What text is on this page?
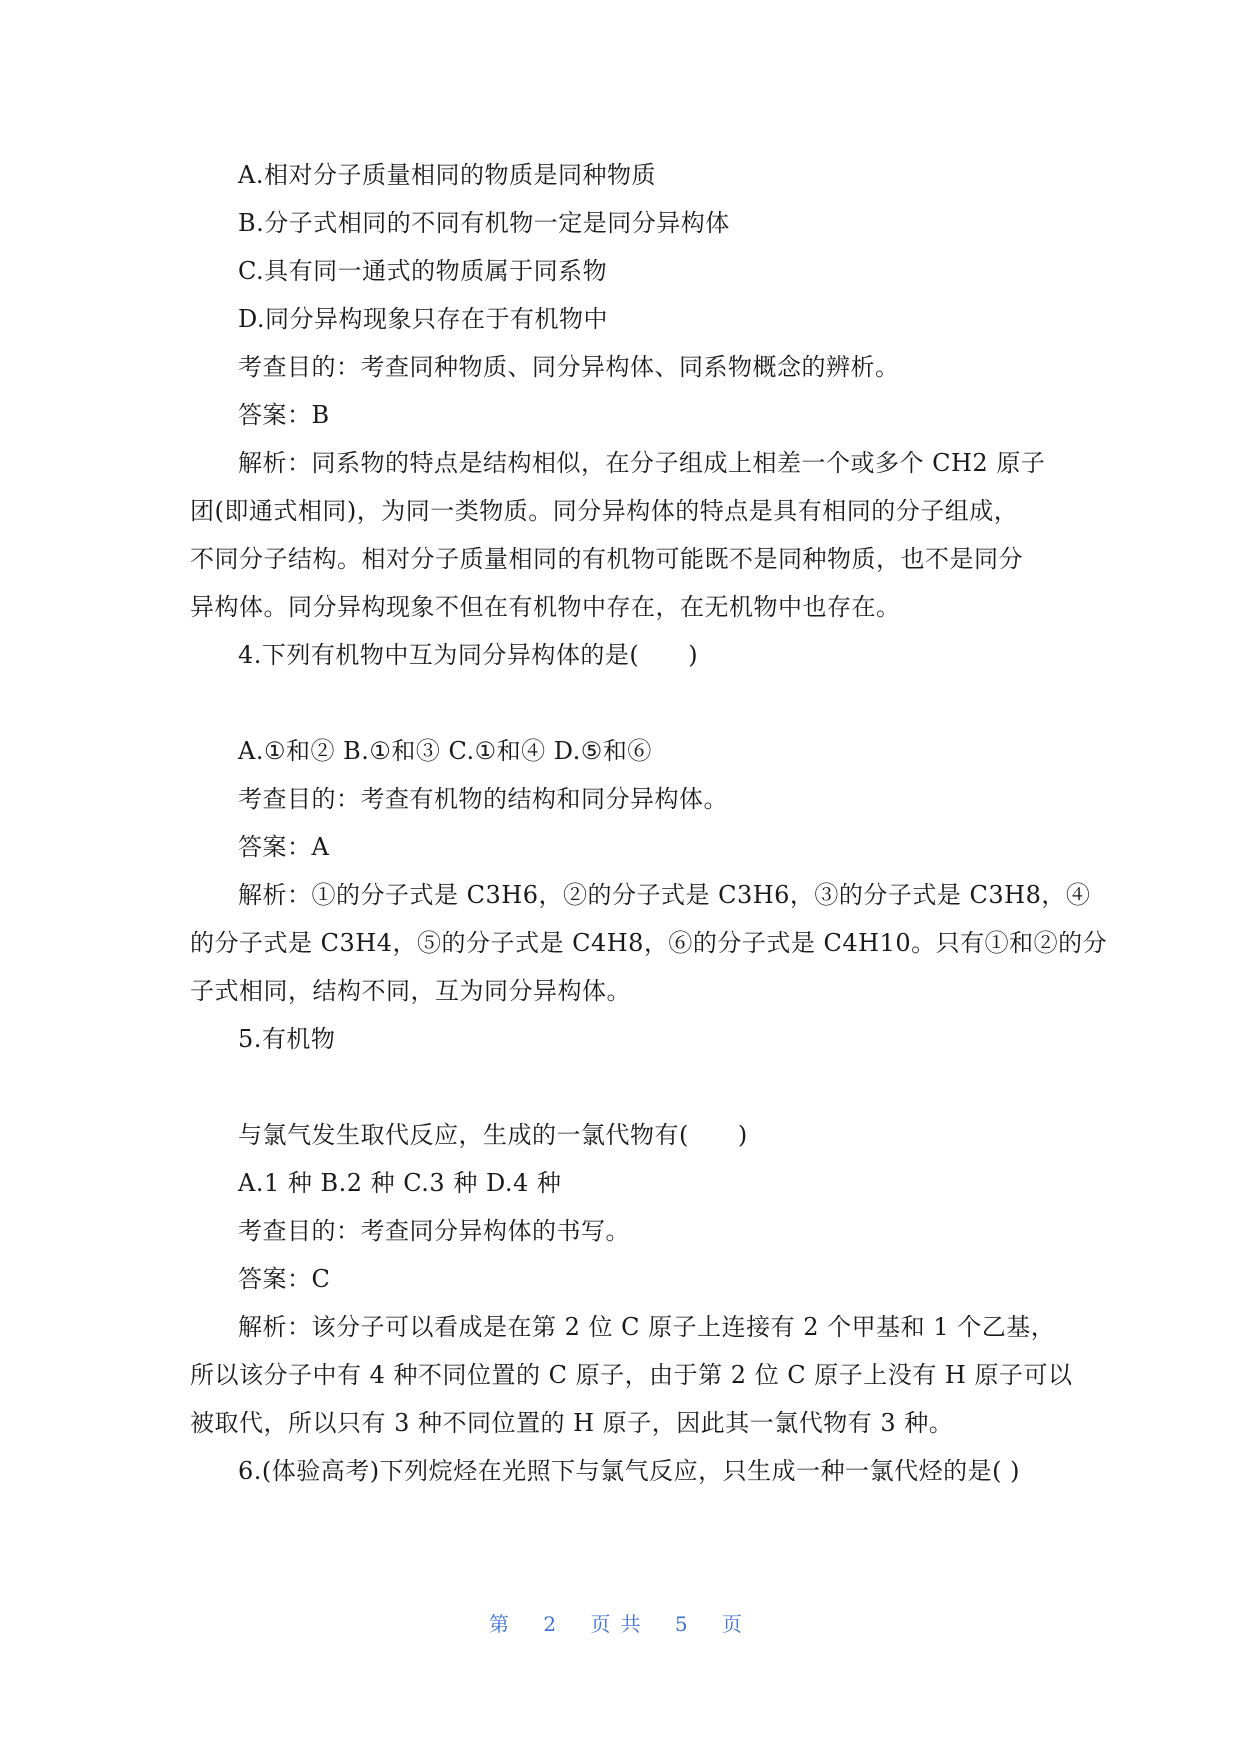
A.相对分子质量相同的物质是同种物质
B.分子式相同的不同有机物一定是同分异构体
C.具有同一通式的物质属于同系物
D.同分异构现象只存在于有机物中
考查目的：考查同种物质、同分异构体、同系物概念的辨析。
答案：B
解析：同系物的特点是结构相似，在分子组成上相差一个或多个 CH2 原子
团(即通式相同)，为同一类物质。同分异构体的特点是具有相同的分子组成，
不同分子结构。相对分子质量相同的有机物可能既不是同种物质，也不是同分
异构体。同分异构现象不但在有机物中存在，在无机物中也存在。
4.下列有机物中互为同分异构体的是(　　)
A.①和② B.①和③ C.①和④ D.⑤和⑥
考查目的：考查有机物的结构和同分异构体。
答案：A
解析：①的分子式是 C3H6，②的分子式是 C3H6，③的分子式是 C3H8，④
的分子式是 C3H4，⑤的分子式是 C4H8，⑥的分子式是 C4H10。只有①和②的分
子式相同，结构不同，互为同分异构体。
5.有机物
与氯气发生取代反应，生成的一氯代物有(　　)
A.1 种 B.2 种 C.3 种 D.4 种
考查目的：考查同分异构体的书写。
答案：C
解析：该分子可以看成是在第 2 位 C 原子上连接有 2 个甲基和 1 个乙基，
所以该分子中有 4 种不同位置的 C 原子，由于第 2 位 C 原子上没有 H 原子可以
被取代，所以只有 3 种不同位置的 H 原子，因此其一氯代物有 3 种。
6.(体验高考)下列烷烃在光照下与氯气反应，只生成一种一氯代烃的是( )
第 2 页共 5 页
